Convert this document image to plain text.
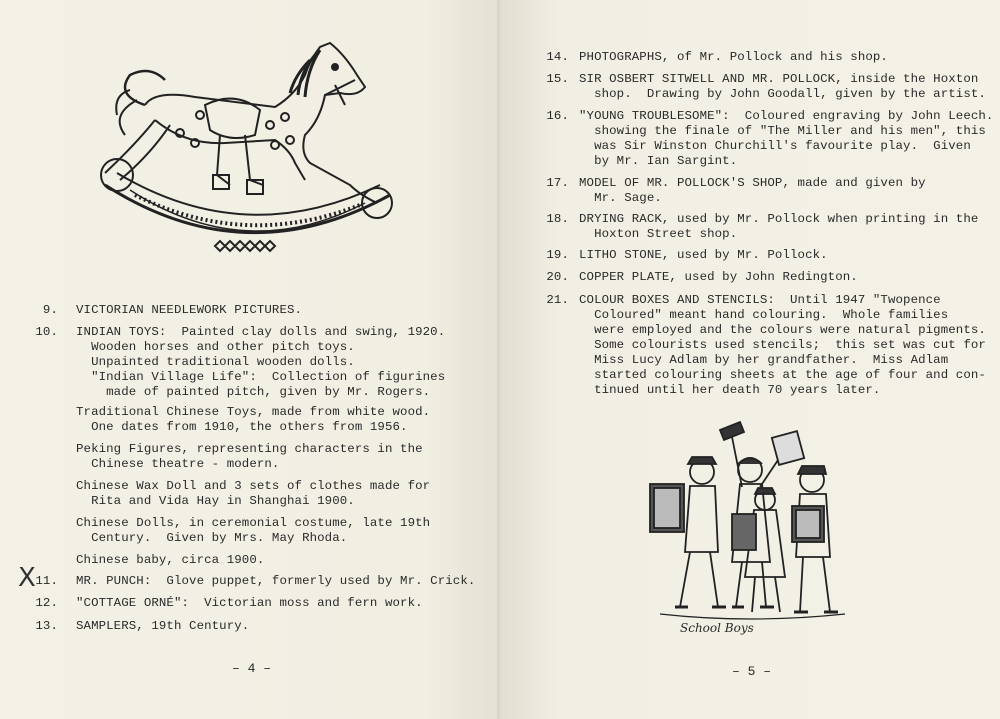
9. VICTORIAN NEEDLEWORK PICTURES.
10. INDIAN TOYS:  Painted clay dolls and swing, 1920.
Wooden horses and other pitch toys.
Unpainted traditional wooden dolls.
"Indian Village Life":  Collection of figurines
made of painted pitch, given by Mr. Rogers.
Traditional Chinese Toys, made from white wood.
One dates from 1910, the others from 1956.
Peking Figures, representing characters in the
Chinese theatre - modern.
Chinese Wax Doll and 3 sets of clothes made for
Rita and Vida Hay in Shanghai 1900.
Chinese Dolls, in ceremonial costume, late 19th
Century.  Given by Mrs. May Rhoda.
Chinese baby, circa 1900.
11. MR. PUNCH:  Glove puppet, formerly used by Mr. Crick.
12. "COTTAGE ORNÉ":  Victorian moss and fern work.
13. SAMPLERS, 19th Century.
X
– 4 –
14. PHOTOGRAPHS, of Mr. Pollock and his shop.
15. SIR OSBERT SITWELL AND MR. POLLOCK, inside the Hoxton
shop.  Drawing by John Goodall, given by the artist.
16. "YOUNG TROUBLESOME":  Coloured engraving by John Leech.
showing the finale of "The Miller and his men", this
was Sir Winston Churchill's favourite play.  Given
by Mr. Ian Sargint.
17. MODEL OF MR. POLLOCK'S SHOP, made and given by
Mr. Sage.
18. DRYING RACK, used by Mr. Pollock when printing in the
Hoxton Street shop.
19. LITHO STONE, used by Mr. Pollock.
20. COPPER PLATE, used by John Redington.
21. COLOUR BOXES AND STENCILS:  Until 1947 "Twopence
Coloured" meant hand colouring.  Whole families
were employed and the colours were natural pigments.
Some colourists used stencils;  this set was cut for
Miss Lucy Adlam by her grandfather.  Miss Adlam
started colouring sheets at the age of four and con-
tinued until her death 70 years later.
School Boys
– 5 –
